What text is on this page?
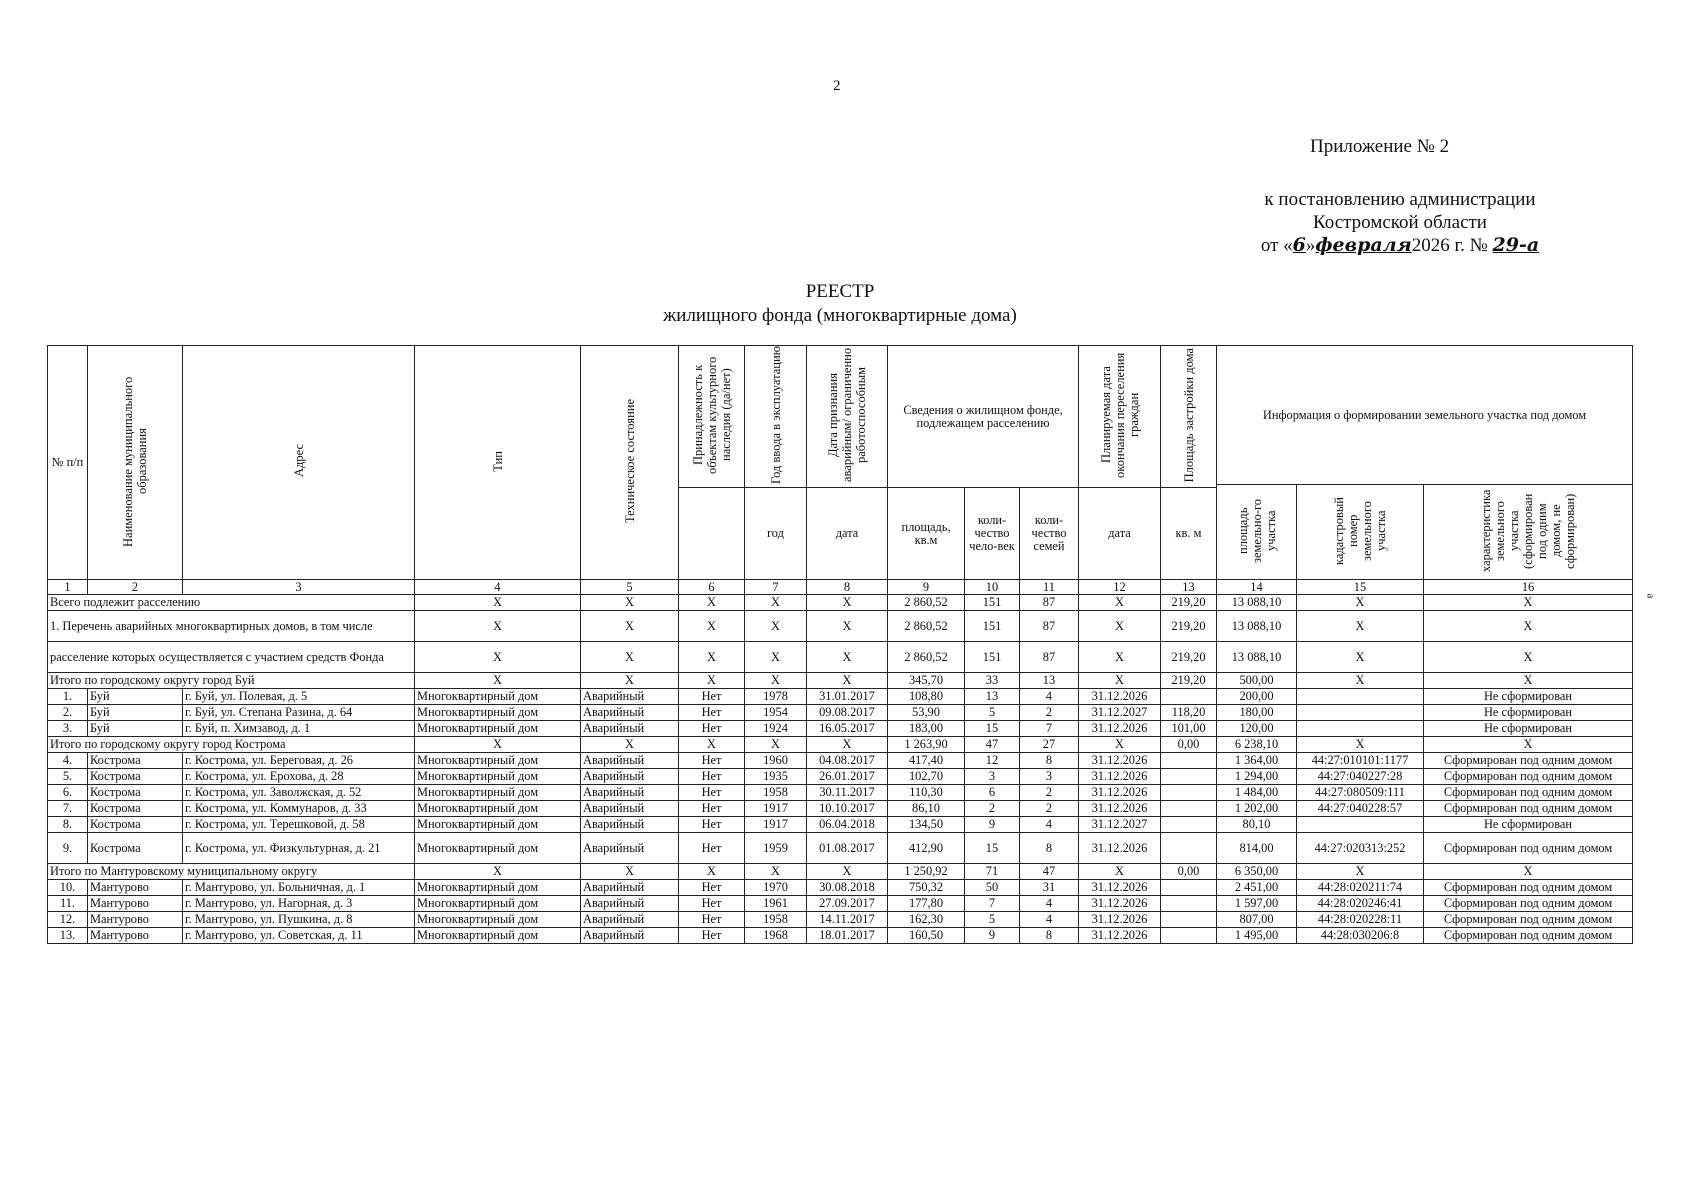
2
Приложение № 2
к постановлению администрации
Костромской области
от «6»февраля2026 г. № 29-а
РЕЕСТР
жилищного фонда (многоквартирные дома)
а
№ п/п	Наименование муниципального образования	Адрес	Тип	Техническое состояние	Принадлежность к объектам культурного наследия (да/нет)	Год ввода в эксплуатацию	Дата признания аварийным/ ограниченно работоспособным	Сведения о жилищном фонде, подлежащем расселению			Планируемая дата окончания переселения граждан	Площадь застройки дома	Информация о формировании земельного участка под домом		
													площадь земельно-го участка	кадастровый номер земельного участка	характеристика земельного участка (сформирован под одним домом, не сформирован)
						год	дата	площадь, кв.м	коли-чество чело-век	коли-чество семей	дата	кв. м			
1	2	3	4	5	6	7	8	9	10	11	12	13	14	15	16
Всего подлежит расселению			Х	Х	Х	Х	Х	2 860,52	151	87	Х	219,20	13 088,10	Х	Х
1. Перечень аварийных многоквартирных домов, в том числе			Х	Х	Х	Х	Х	2 860,52	151	87	Х	219,20	13 088,10	Х	Х
расселение которых осуществляется с участием средств Фонда			Х	Х	Х	Х	Х	2 860,52	151	87	Х	219,20	13 088,10	Х	Х
Итого по городскому округу город Буй			Х	Х	Х	Х	Х	345,70	33	13	Х	219,20	500,00	Х	Х
1.	Буй	г. Буй, ул. Полевая, д. 5	Многоквартирный дом	Аварийный	Нет	1978	31.01.2017	108,80	13	4	31.12.2026		200,00		Не сформирован
2.	Буй	г. Буй, ул. Степана Разина, д. 64	Многоквартирный дом	Аварийный	Нет	1954	09.08.2017	53,90	5	2	31.12.2027	118,20	180,00		Не сформирован
3.	Буй	г. Буй, п. Химзавод, д. 1	Многоквартирный дом	Аварийный	Нет	1924	16.05.2017	183,00	15	7	31.12.2026	101,00	120,00		Не сформирован
Итого по городскому округу город Кострома			Х	Х	Х	Х	Х	1 263,90	47	27	Х	0,00	6 238,10	Х	Х
4.	Кострома	г. Кострома, ул. Береговая, д. 26	Многоквартирный дом	Аварийный	Нет	1960	04.08.2017	417,40	12	8	31.12.2026		1 364,00	44:27:010101:1177	Сформирован под одним домом
5.	Кострома	г. Кострома, ул. Ерохова, д. 28	Многоквартирный дом	Аварийный	Нет	1935	26.01.2017	102,70	3	3	31.12.2026		1 294,00	44:27:040227:28	Сформирован под одним домом
6.	Кострома	г. Кострома, ул. Заволжская, д. 52	Многоквартирный дом	Аварийный	Нет	1958	30.11.2017	110,30	6	2	31.12.2026		1 484,00	44:27:080509:111	Сформирован под одним домом
7.	Кострома	г. Кострома, ул. Коммунаров, д. 33	Многоквартирный дом	Аварийный	Нет	1917	10.10.2017	86,10	2	2	31.12.2026		1 202,00	44:27:040228:57	Сформирован под одним домом
8.	Кострома	г. Кострома, ул. Терешковой, д. 58	Многоквартирный дом	Аварийный	Нет	1917	06.04.2018	134,50	9	4	31.12.2027		80,10		Не сформирован
9.	Кострома	г. Кострома, ул. Физкультурная, д. 21	Многоквартирный дом	Аварийный	Нет	1959	01.08.2017	412,90	15	8	31.12.2026		814,00	44:27:020313:252	Сформирован под одним домом
Итого по Мантуровскому муниципальному округу			Х	Х	Х	Х	Х	1 250,92	71	47	Х	0,00	6 350,00	Х	Х
10.	Мантурово	г. Мантурово, ул. Больничная, д. 1	Многоквартирный дом	Аварийный	Нет	1970	30.08.2018	750,32	50	31	31.12.2026		2 451,00	44:28:020211:74	Сформирован под одним домом
11.	Мантурово	г. Мантурово, ул. Нагорная, д. 3	Многоквартирный дом	Аварийный	Нет	1961	27.09.2017	177,80	7	4	31.12.2026		1 597,00	44:28:020246:41	Сформирован под одним домом
12.	Мантурово	г. Мантурово, ул. Пушкина, д. 8	Многоквартирный дом	Аварийный	Нет	1958	14.11.2017	162,30	5	4	31.12.2026		807,00	44:28:020228:11	Сформирован под одним домом
13.	Мантурово	г. Мантурово, ул. Советская, д. 11	Многоквартирный дом	Аварийный	Нет	1968	18.01.2017	160,50	9	8	31.12.2026		1 495,00	44:28:030206:8	Сформирован под одним домом
